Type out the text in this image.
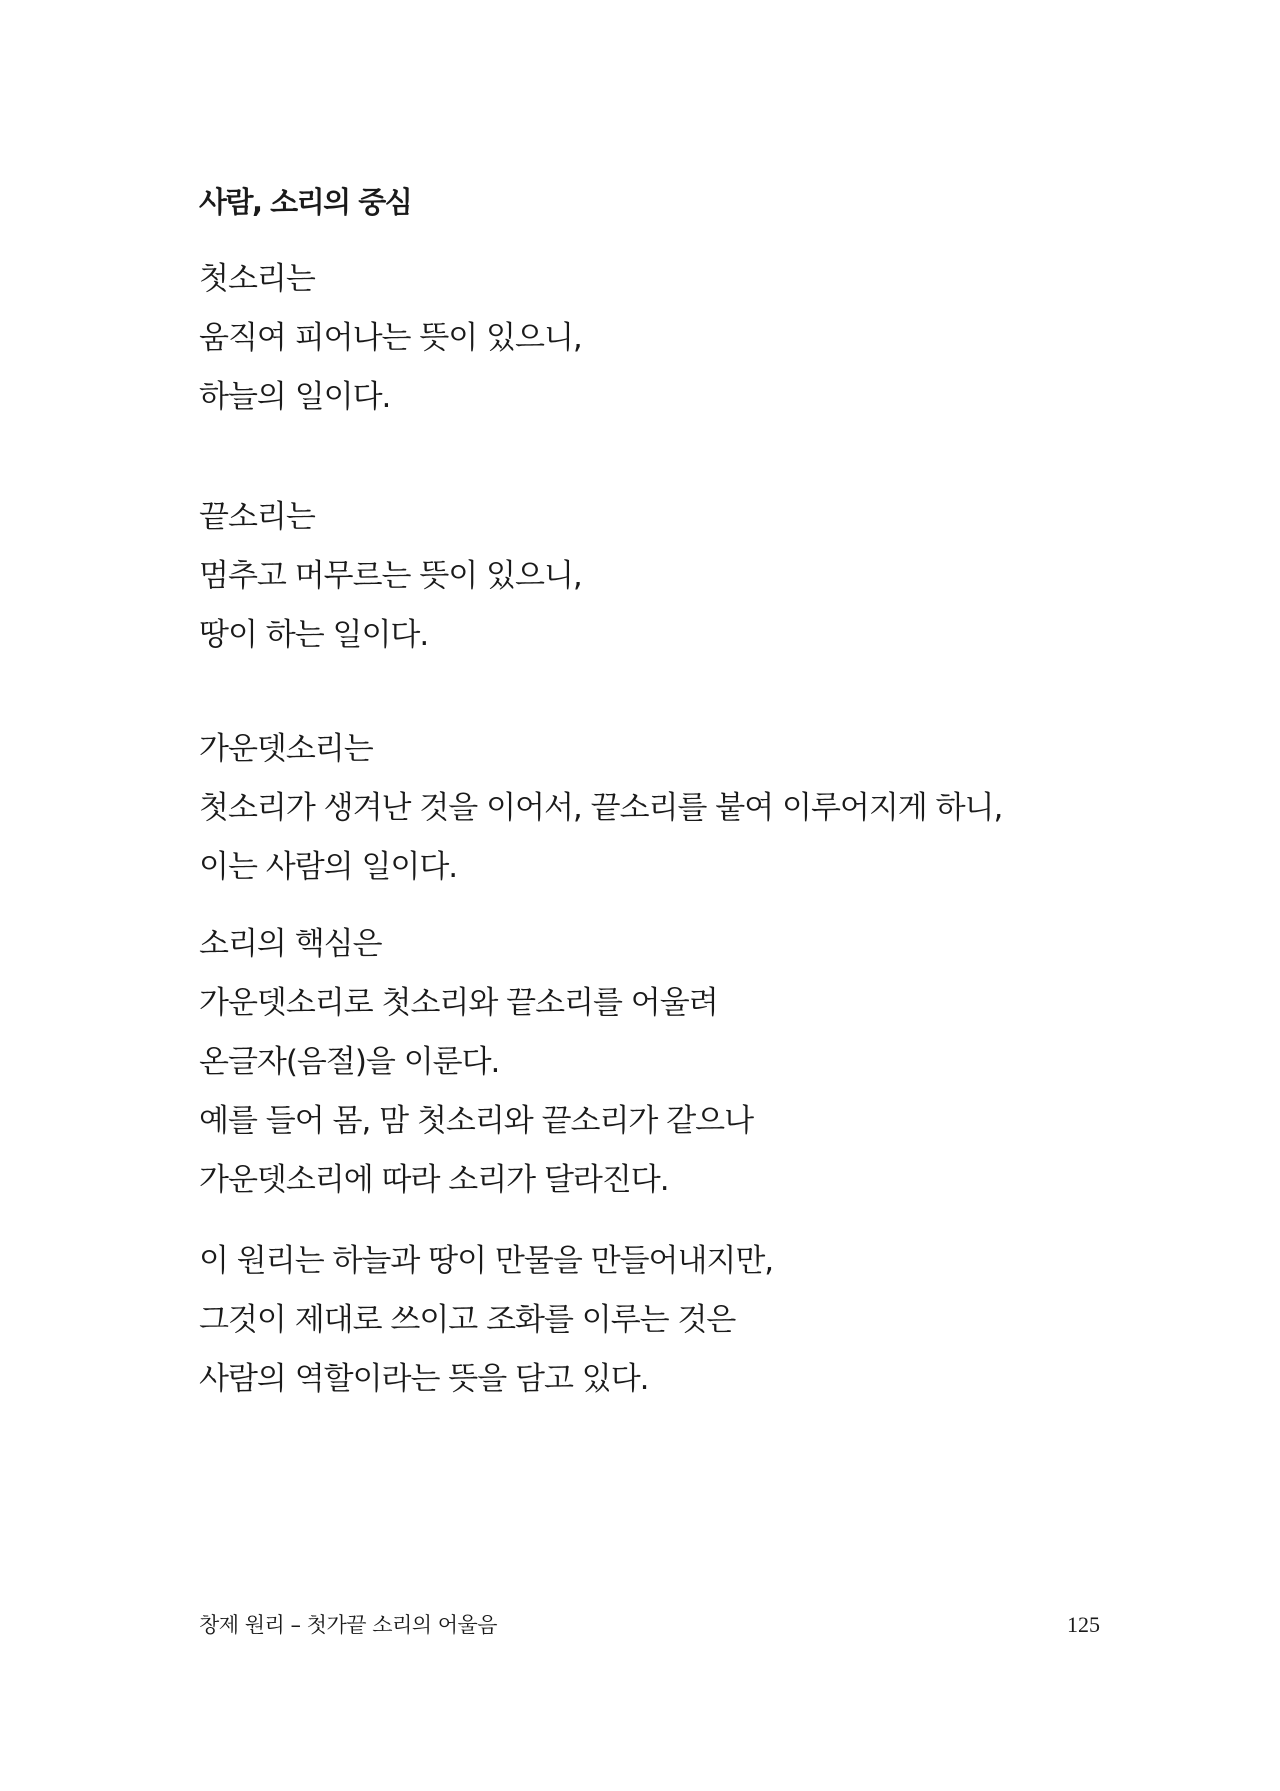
사람, 소리의 중심
첫소리는
움직여 피어나는 뜻이 있으니,
하늘의 일이다.
끝소리는
멈추고 머무르는 뜻이 있으니,
땅이 하는 일이다.
가운뎃소리는
첫소리가 생겨난 것을 이어서, 끝소리를 붙여 이루어지게 하니,
이는 사람의 일이다.
소리의 핵심은
가운뎃소리로 첫소리와 끝소리를 어울려
온글자(음절)을 이룬다.
예를 들어 몸, 맘 첫소리와 끝소리가 같으나
가운뎃소리에 따라 소리가 달라진다.
이 원리는 하늘과 땅이 만물을 만들어내지만,
그것이 제대로 쓰이고 조화를 이루는 것은
사람의 역할이라는 뜻을 담고 있다.
창제 원리 – 첫가끝 소리의 어울음	125
